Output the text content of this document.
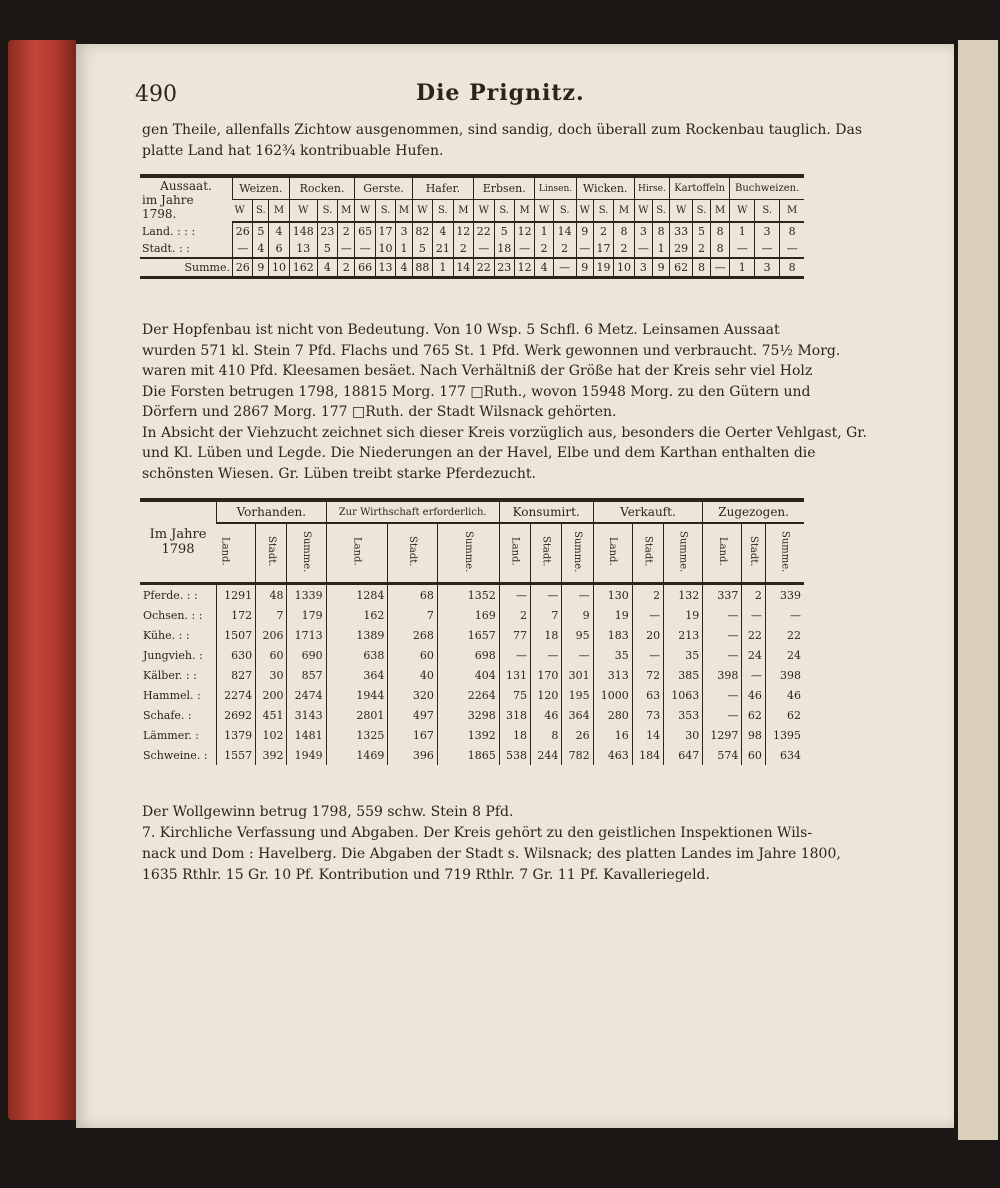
490	Die Prignitz.
gen Theile, allenfalls Zichtow ausgenommen, sind sandig, doch überall zum Rockenbau tauglich. Das
platte Land hat 162¾ kontribuable Hufen.
Aussaat.
im Jahre 1798.	Weizen.			Rocken.			Gerste.			Hafer.			Erbsen.			Linsen.		Wicken.			Hirse.		Kartoffeln			Buchweizen.		
	W	S.	M	W	S.	M	W	S.	M	W	S.	M	W	S.	M	W	S.	W	S.	M	W	S.	W	S.	M	W	S.	M
Land. : : :	26	5	4	148	23	2	65	17	3	82	4	12	22	5	12	1	14	9	2	8	3	8	33	5	8	1	3	8
Stadt. : :	—	4	6	13	5	—	—	10	1	5	21	2	—	18	—	2	2	—	17	2	—	1	29	2	8	—	—	—
Summe.	26	9	10	162	4	2	66	13	4	88	1	14	22	23	12	4	—	9	19	10	3	9	62	8	—	1	3	8
Der Hopfenbau ist nicht von Bedeutung. Von 10 Wsp. 5 Schfl. 6 Metz. Leinsamen Aussaat
wurden 571 kl. Stein 7 Pfd. Flachs und 765 St. 1 Pfd. Werk gewonnen und verbraucht. 75½ Morg.
waren mit 410 Pfd. Kleesamen besäet. Nach Verhältniß der Größe hat der Kreis sehr viel Holz
Die Forsten betrugen 1798, 18815 Morg. 177 □Ruth., wovon 15948 Morg. zu den Gütern und
Dörfern und 2867 Morg. 177 □Ruth. der Stadt Wilsnack gehörten.
In Absicht der Viehzucht zeichnet sich dieser Kreis vorzüglich aus, besonders die Oerter Vehlgast, Gr.
und Kl. Lüben und Legde. Die Niederungen an der Havel, Elbe und dem Karthan enthalten die
schönsten Wiesen. Gr. Lüben treibt starke Pferdezucht.
Im Jahre
1798	Vorhanden.			Zur Wirthschaft erforderlich.			Konsumirt.			Verkauft.			Zugezogen.		
	Land.	Stadt.	Summe.	Land.	Stadt.	Summe.	Land.	Stadt.	Summe.	Land.	Stadt.	Summe.	Land.	Stadt.	Summe.
Pferde. : :	1291	48	1339	1284	68	1352	—	—	—	130	2	132	337	2	339
Ochsen. : :	172	7	179	162	7	169	2	7	9	19	—	19	—	—	—
Kühe. : :	1507	206	1713	1389	268	1657	77	18	95	183	20	213	—	22	22
Jungvieh. :	630	60	690	638	60	698	—	—	—	35	—	35	—	24	24
Kälber. : :	827	30	857	364	40	404	131	170	301	313	72	385	398	—	398
Hammel. :	2274	200	2474	1944	320	2264	75	120	195	1000	63	1063	—	46	46
Schafe. :	2692	451	3143	2801	497	3298	318	46	364	280	73	353	—	62	62
Lämmer. :	1379	102	1481	1325	167	1392	18	8	26	16	14	30	1297	98	1395
Schweine. :	1557	392	1949	1469	396	1865	538	244	782	463	184	647	574	60	634
Der Wollgewinn betrug 1798, 559 schw. Stein 8 Pfd.
7. Kirchliche Verfassung und Abgaben. Der Kreis gehört zu den geistlichen Inspektionen Wils-
nack und Dom : Havelberg. Die Abgaben der Stadt s. Wilsnack; des platten Landes im Jahre 1800,
1635 Rthlr. 15 Gr. 10 Pf. Kontribution und 719 Rthlr. 7 Gr. 11 Pf. Kavalleriegeld.
